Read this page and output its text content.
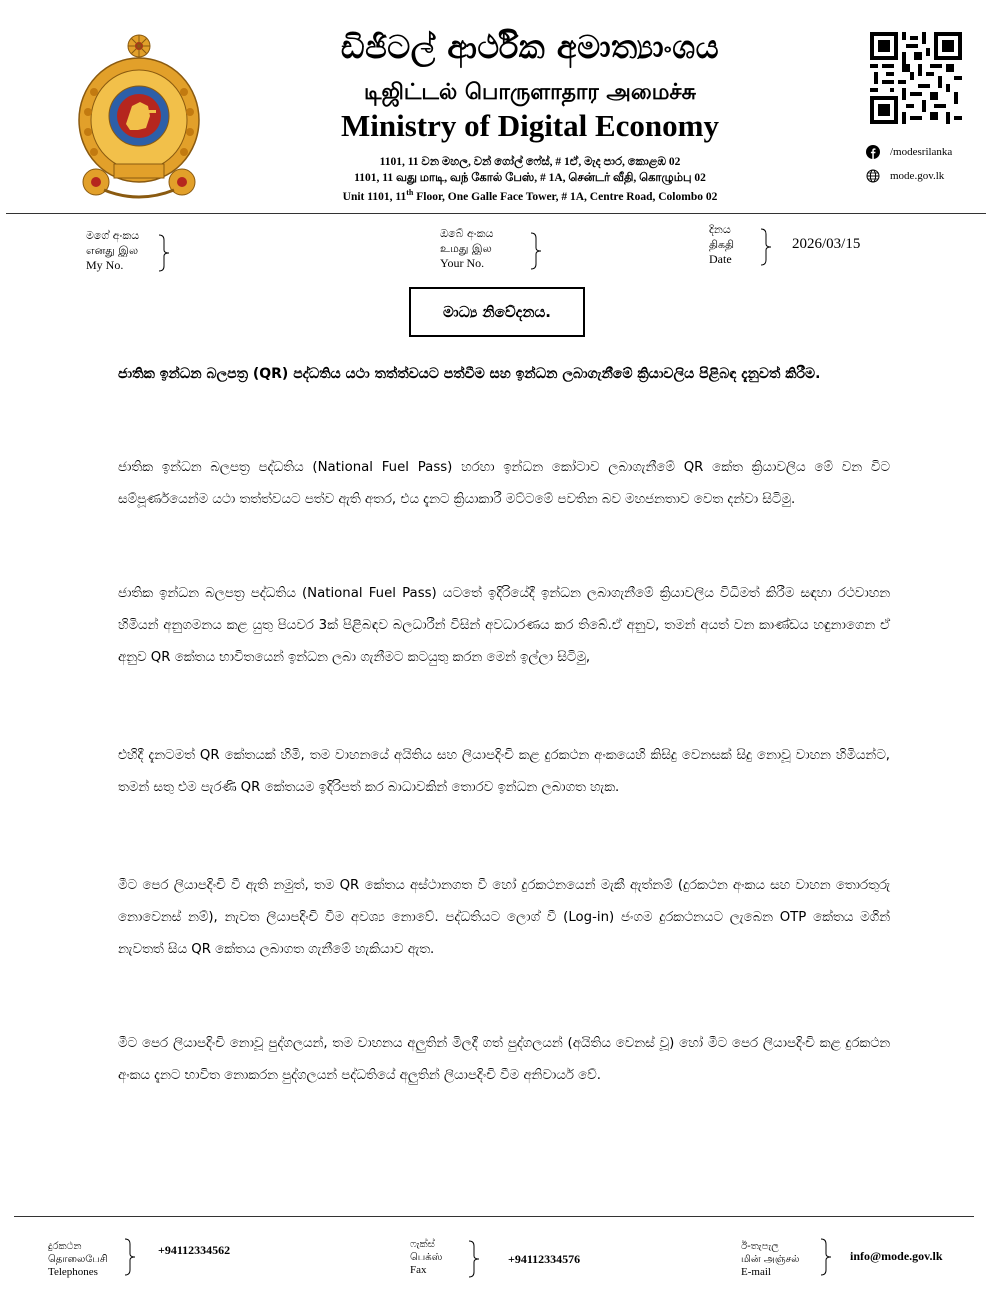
ඩිජිටල් ආර්ථික අමාත්‍යාංශය
டிஜிட்டல் பொருளாதார அமைச்சு
Ministry of Digital Economy
1101, 11 වන මහල, වන් ගෝල් ෆේස්, # 1ඒ, මැද පාර, කොළඹ 02
1101, 11 வது மாடி, வந் கோல் பேஸ், # 1A, சென்டர் வீதி, கொழும்பு 02
Unit 1101, 11th Floor, One Galle Face Tower, # 1A, Centre Road, Colombo 02
/modesrilanka
mode.gov.lk
මගේ අංකය
எனது இல
My No.
ඔබේ අංකය
உமது இல
Your No.
දිනය
திகதி
Date
2026/03/15
මාධ්‍ය නිවේදනය.
ජාතික ඉන්ධන බලපත්‍ර (QR) පද්ධතිය යථා තත්ත්වයට පත්වීම සහ ඉන්ධන ලබාගැනීමේ ක්‍රියාවලිය පිළිබඳ දැනුවත් කිරීම.
ජාතික ඉන්ධන බලපත්‍ර පද්ධතිය (National Fuel Pass) හරහා ඉන්ධන කෝටාව ලබාගැනීමේ QR කේත ක්‍රියාවලිය මේ වන විට සම්පූර්ණයෙන්ම යථා තත්ත්වයට පත්ව ඇති අතර, එය දැනට ක්‍රියාකාරී මට්ටමේ පවතින බව මහජනතාව වෙත දන්වා සිටිමු.
ජාතික ඉන්ධන බලපත්‍ර පද්ධතිය (National Fuel Pass) යටතේ ඉදිරියේදී ඉන්ධන ලබාගැනීමේ ක්‍රියාවලිය විධිමත් කිරීම සඳහා රථවාහන හිමියන් අනුගමනය කළ යුතු පියවර 3ක් පිළිබඳව බලධාරීන් විසින් අවධාරණය කර තිබේ.ඒ අනුව, තමන් අයත් වන කාණ්ඩය හඳුනාගෙන ඒ අනුව QR කේතය භාවිතයෙන් ඉන්ධන ලබා ගැනීමට කටයුතු කරන මෙන් ඉල්ලා සිටිමු,
එහිදී දැනටමත් QR කේතයක් හිමි, තම වාහනයේ අයිතිය සහ ලියාපදිංචි කළ දුරකථන අංකයෙහි කිසිදු වෙනසක් සිදු නොවූ වාහන හිමියන්ට, තමන් සතු එම පැරණි QR කේතයම ඉදිරිපත් කර බාධාවකින් තොරව ඉන්ධන ලබාගත හැක.
මීට පෙර ලියාපදිංචි වී ඇති නමුත්, තම QR කේතය අස්ථානගත වී හෝ දුරකථනයෙන් මැකී ඇත්නම් (දුරකථන අංකය සහ වාහන තොරතුරු නොවෙනස් නම්), නැවත ලියාපදිංචි වීම අවශ්‍ය නොවේ. පද්ධතියට ලොග් වී (Log-in) ජංගම දුරකථනයට ලැබෙන OTP කේතය මගින් නැවතත් සිය QR කේතය ලබාගත ගැනීමේ හැකියාව ඇත.
මීට පෙර ලියාපදිංචි නොවූ පුද්ගලයන්, තම වාහනය අලුතින් මිලදී ගත් පුද්ගලයන් (අයිතිය වෙනස් වූ) හෝ මීට පෙර ලියාපදිංචි කළ දුරකථන අංකය දැනට භාවිත නොකරන පුද්ගලයන් පද්ධතියේ අලුතින් ලියාපදිංචි වීම අනිවාර්ය වේ.
දුරකථන
தொலைபேசி
Telephones
+94112334562	ෆැක්ස්
பெக்ஸ்
Fax
+94112334576
ඊ-තැපැල
மின் அஞ்சல்
E-mail
info@mode.gov.lk
